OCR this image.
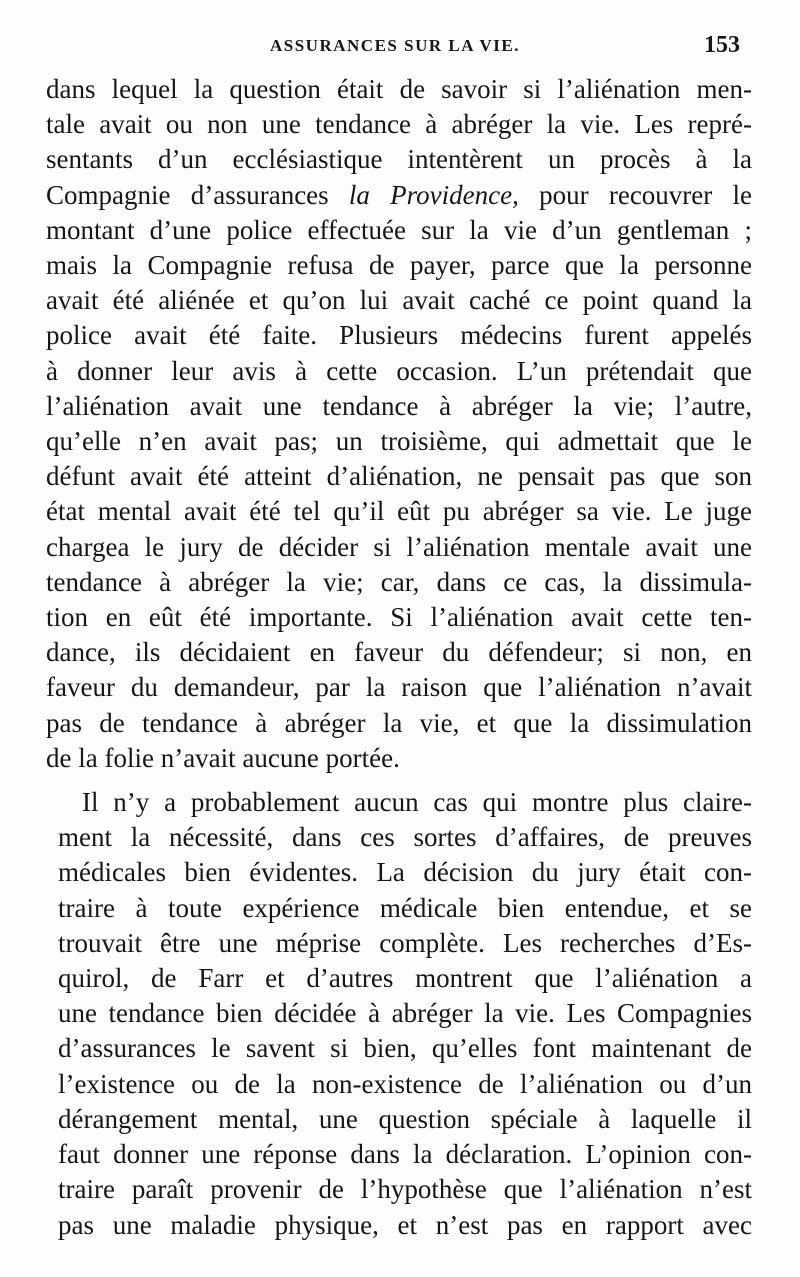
ASSURANCES SUR LA VIE.	153
dans lequel la question était de savoir si l’aliénation men-
tale avait ou non une tendance à abréger la vie. Les repré-
sentants d’un ecclésiastique intentèrent un procès à la
Compagnie d’assurances la Providence, pour recouvrer le
montant d’une police effectuée sur la vie d’un gentleman ;
mais la Compagnie refusa de payer, parce que la personne
avait été aliénée et qu’on lui avait caché ce point quand la
police avait été faite. Plusieurs médecins furent appelés
à donner leur avis à cette occasion. L’un prétendait que
l’aliénation avait une tendance à abréger la vie; l’autre,
qu’elle n’en avait pas; un troisième, qui admettait que le
défunt avait été atteint d’aliénation, ne pensait pas que son
état mental avait été tel qu’il eût pu abréger sa vie. Le juge
chargea le jury de décider si l’aliénation mentale avait une
tendance à abréger la vie; car, dans ce cas, la dissimula-
tion en eût été importante. Si l’aliénation avait cette ten-
dance, ils décidaient en faveur du défendeur; si non, en
faveur du demandeur, par la raison que l’aliénation n’avait
pas de tendance à abréger la vie, et que la dissimulation
de la folie n’avait aucune portée.
Il n’y a probablement aucun cas qui montre plus claire-
ment la nécessité, dans ces sortes d’affaires, de preuves
médicales bien évidentes. La décision du jury était con-
traire à toute expérience médicale bien entendue, et se
trouvait être une méprise complète. Les recherches d’Es-
quirol, de Farr et d’autres montrent que l’aliénation a
une tendance bien décidée à abréger la vie. Les Compagnies
d’assurances le savent si bien, qu’elles font maintenant de
l’existence ou de la non-existence de l’aliénation ou d’un
dérangement mental, une question spéciale à laquelle il
faut donner une réponse dans la déclaration. L’opinion con-
traire paraît provenir de l’hypothèse que l’aliénation n’est
pas une maladie physique, et n’est pas en rapport avec
